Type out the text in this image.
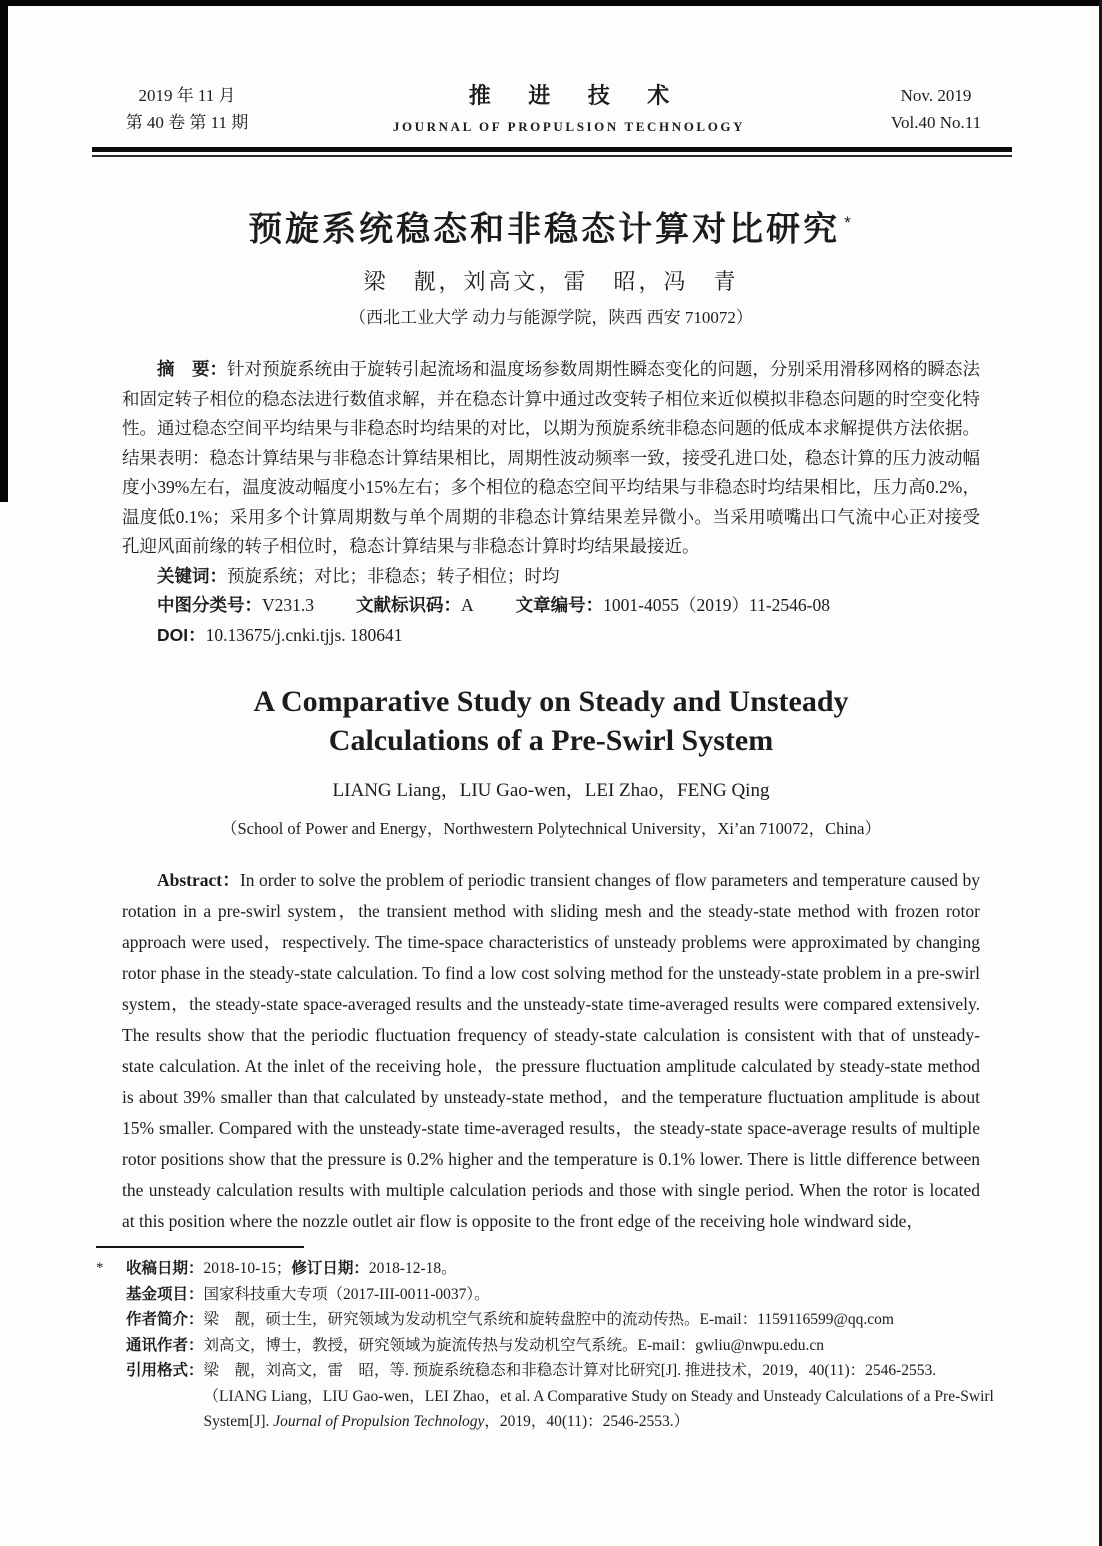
2019 年 11 月
第 40 卷 第 11 期
推 进 技 术
JOURNAL OF PROPULSION TECHNOLOGY
Nov. 2019
Vol.40 No.11
预旋系统稳态和非稳态计算对比研究 *
梁　靓，刘高文，雷　昭，冯　青
（西北工业大学 动力与能源学院，陕西 西安 710072）

摘　要：针对预旋系统由于旋转引起流场和温度场参数周期性瞬态变化的问题，分别采用滑移网格的瞬态法和固定转子相位的稳态法进行数值求解，并在稳态计算中通过改变转子相位来近似模拟非稳态问题的时空变化特性。通过稳态空间平均结果与非稳态时均结果的对比，以期为预旋系统非稳态问题的低成本求解提供方法依据。结果表明：稳态计算结果与非稳态计算结果相比，周期性波动频率一致，接受孔进口处，稳态计算的压力波动幅度小39%左右，温度波动幅度小15%左右；多个相位的稳态空间平均结果与非稳态时均结果相比，压力高0.2%，温度低0.1%；采用多个计算周期数与单个周期的非稳态计算结果差异微小。当采用喷嘴出口气流中心正对接受孔迎风面前缘的转子相位时，稳态计算结果与非稳态计算时均结果最接近。

关键词：预旋系统；对比；非稳态；转子相位；时均

中图分类号：V231.3 文献标识码：A 文章编号：1001-4055（2019）11-2546-08

DOI：10.13675/j.cnki.tjjs. 180641

A Comparative Study on Steady and Unsteady
Calculations of a Pre-Swirl System
LIANG Liang，LIU Gao-wen，LEI Zhao，FENG Qing
（School of Power and Energy，Northwestern Polytechnical University，Xi’an 710072，China）

Abstract：In order to solve the problem of periodic transient changes of flow parameters and temperature caused by rotation in a pre-swirl system，the transient method with sliding mesh and the steady-state method with frozen rotor approach were used，respectively. The time-space characteristics of unsteady problems were approximated by changing rotor phase in the steady-state calculation. To find a low cost solving method for the unsteady-state problem in a pre-swirl system，the steady-state space-averaged results and the unsteady-state time-averaged results were compared extensively. The results show that the periodic fluctuation frequency of steady-state calculation is consistent with that of unsteady-state calculation. At the inlet of the receiving hole，the pressure fluctuation amplitude calculated by steady-state method is about 39% smaller than that calculated by unsteady-state method，and the temperature fluctuation amplitude is about 15% smaller. Compared with the unsteady-state time-averaged results，the steady-state space-average results of multiple rotor positions show that the pressure is 0.2% higher and the temperature is 0.1% lower. There is little difference between the unsteady calculation results with multiple calculation periods and those with single period. When the rotor is located at this position where the nozzle outlet air flow is opposite to the front edge of the receiving hole windward side，

*	收稿日期：2018-10-15；修订日期：2018-12-18。
基金项目： 国家科技重大专项（2017-III-0011-0037）。
作者简介： 梁　靓，硕士生，研究领域为发动机空气系统和旋转盘腔中的流动传热。E-mail：1159116599@qq.com
通讯作者： 刘高文，博士，教授，研究领域为旋流传热与发动机空气系统。E-mail：gwliu@nwpu.edu.cn
引用格式： 梁　靓，刘高文，雷　昭，等. 预旋系统稳态和非稳态计算对比研究[J]. 推进技术，2019，40(11)：2546-2553.
（LIANG Liang，LIU Gao-wen，LEI Zhao，et al. A Comparative Study on Steady and Unsteady Calculations of a Pre-Swirl System[J]. Journal of Propulsion Technology，2019，40(11)：2546-2553.）
